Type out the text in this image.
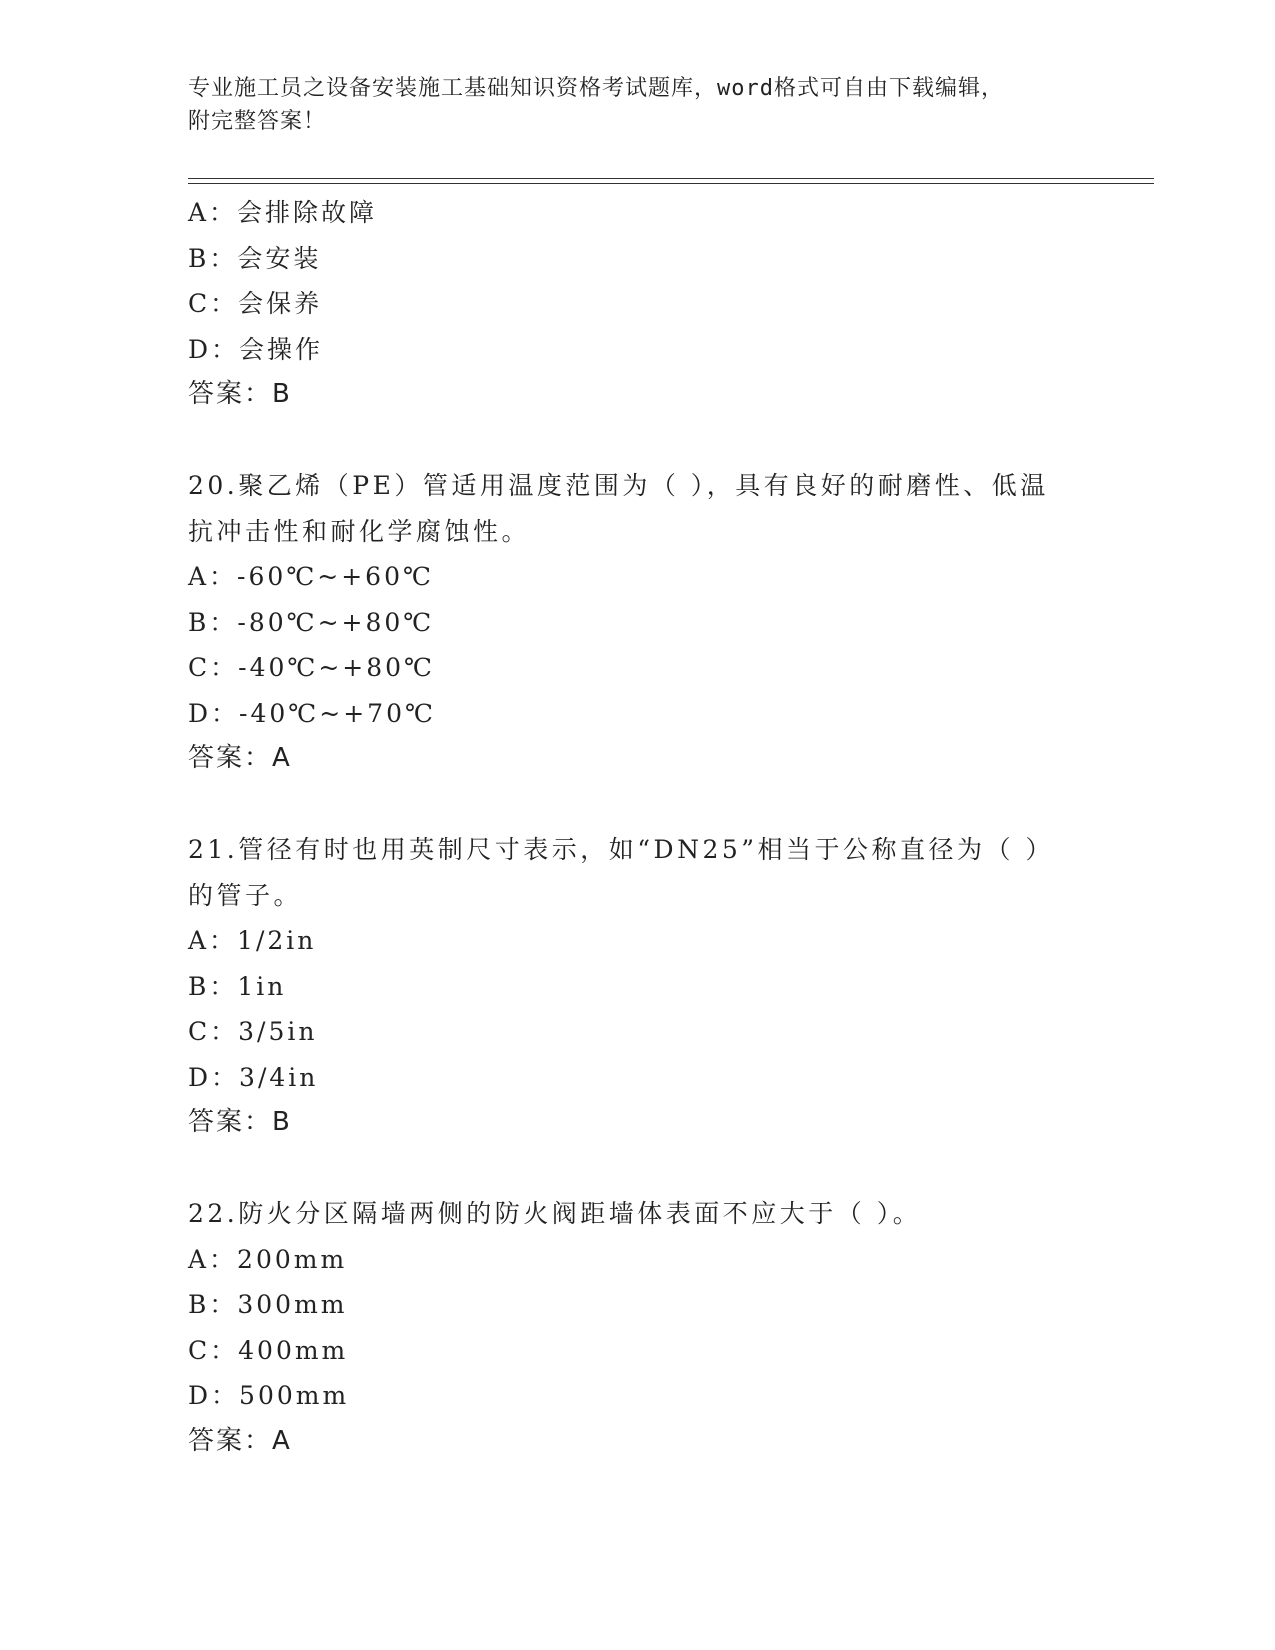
专业施工员之设备安装施工基础知识资格考试题库，word格式可自由下载编辑，
附完整答案！
A：会排除故障
B：会安装
C：会保养
D：会操作
答案：B
20.聚乙烯（PE）管适用温度范围为（ ），具有良好的耐磨性、低温
抗冲击性和耐化学腐蚀性。
A：-60℃~+60℃
B：-80℃~+80℃
C：-40℃~+80℃
D：-40℃~+70℃
答案：A
21.管径有时也用英制尺寸表示，如“DN25”相当于公称直径为（ ）
的管子。
A：1/2in
B：1in
C：3/5in
D：3/4in
答案：B
22.防火分区隔墙两侧的防火阀距墙体表面不应大于（ ）。
A：200mm
B：300mm
C：400mm
D：500mm
答案：A
